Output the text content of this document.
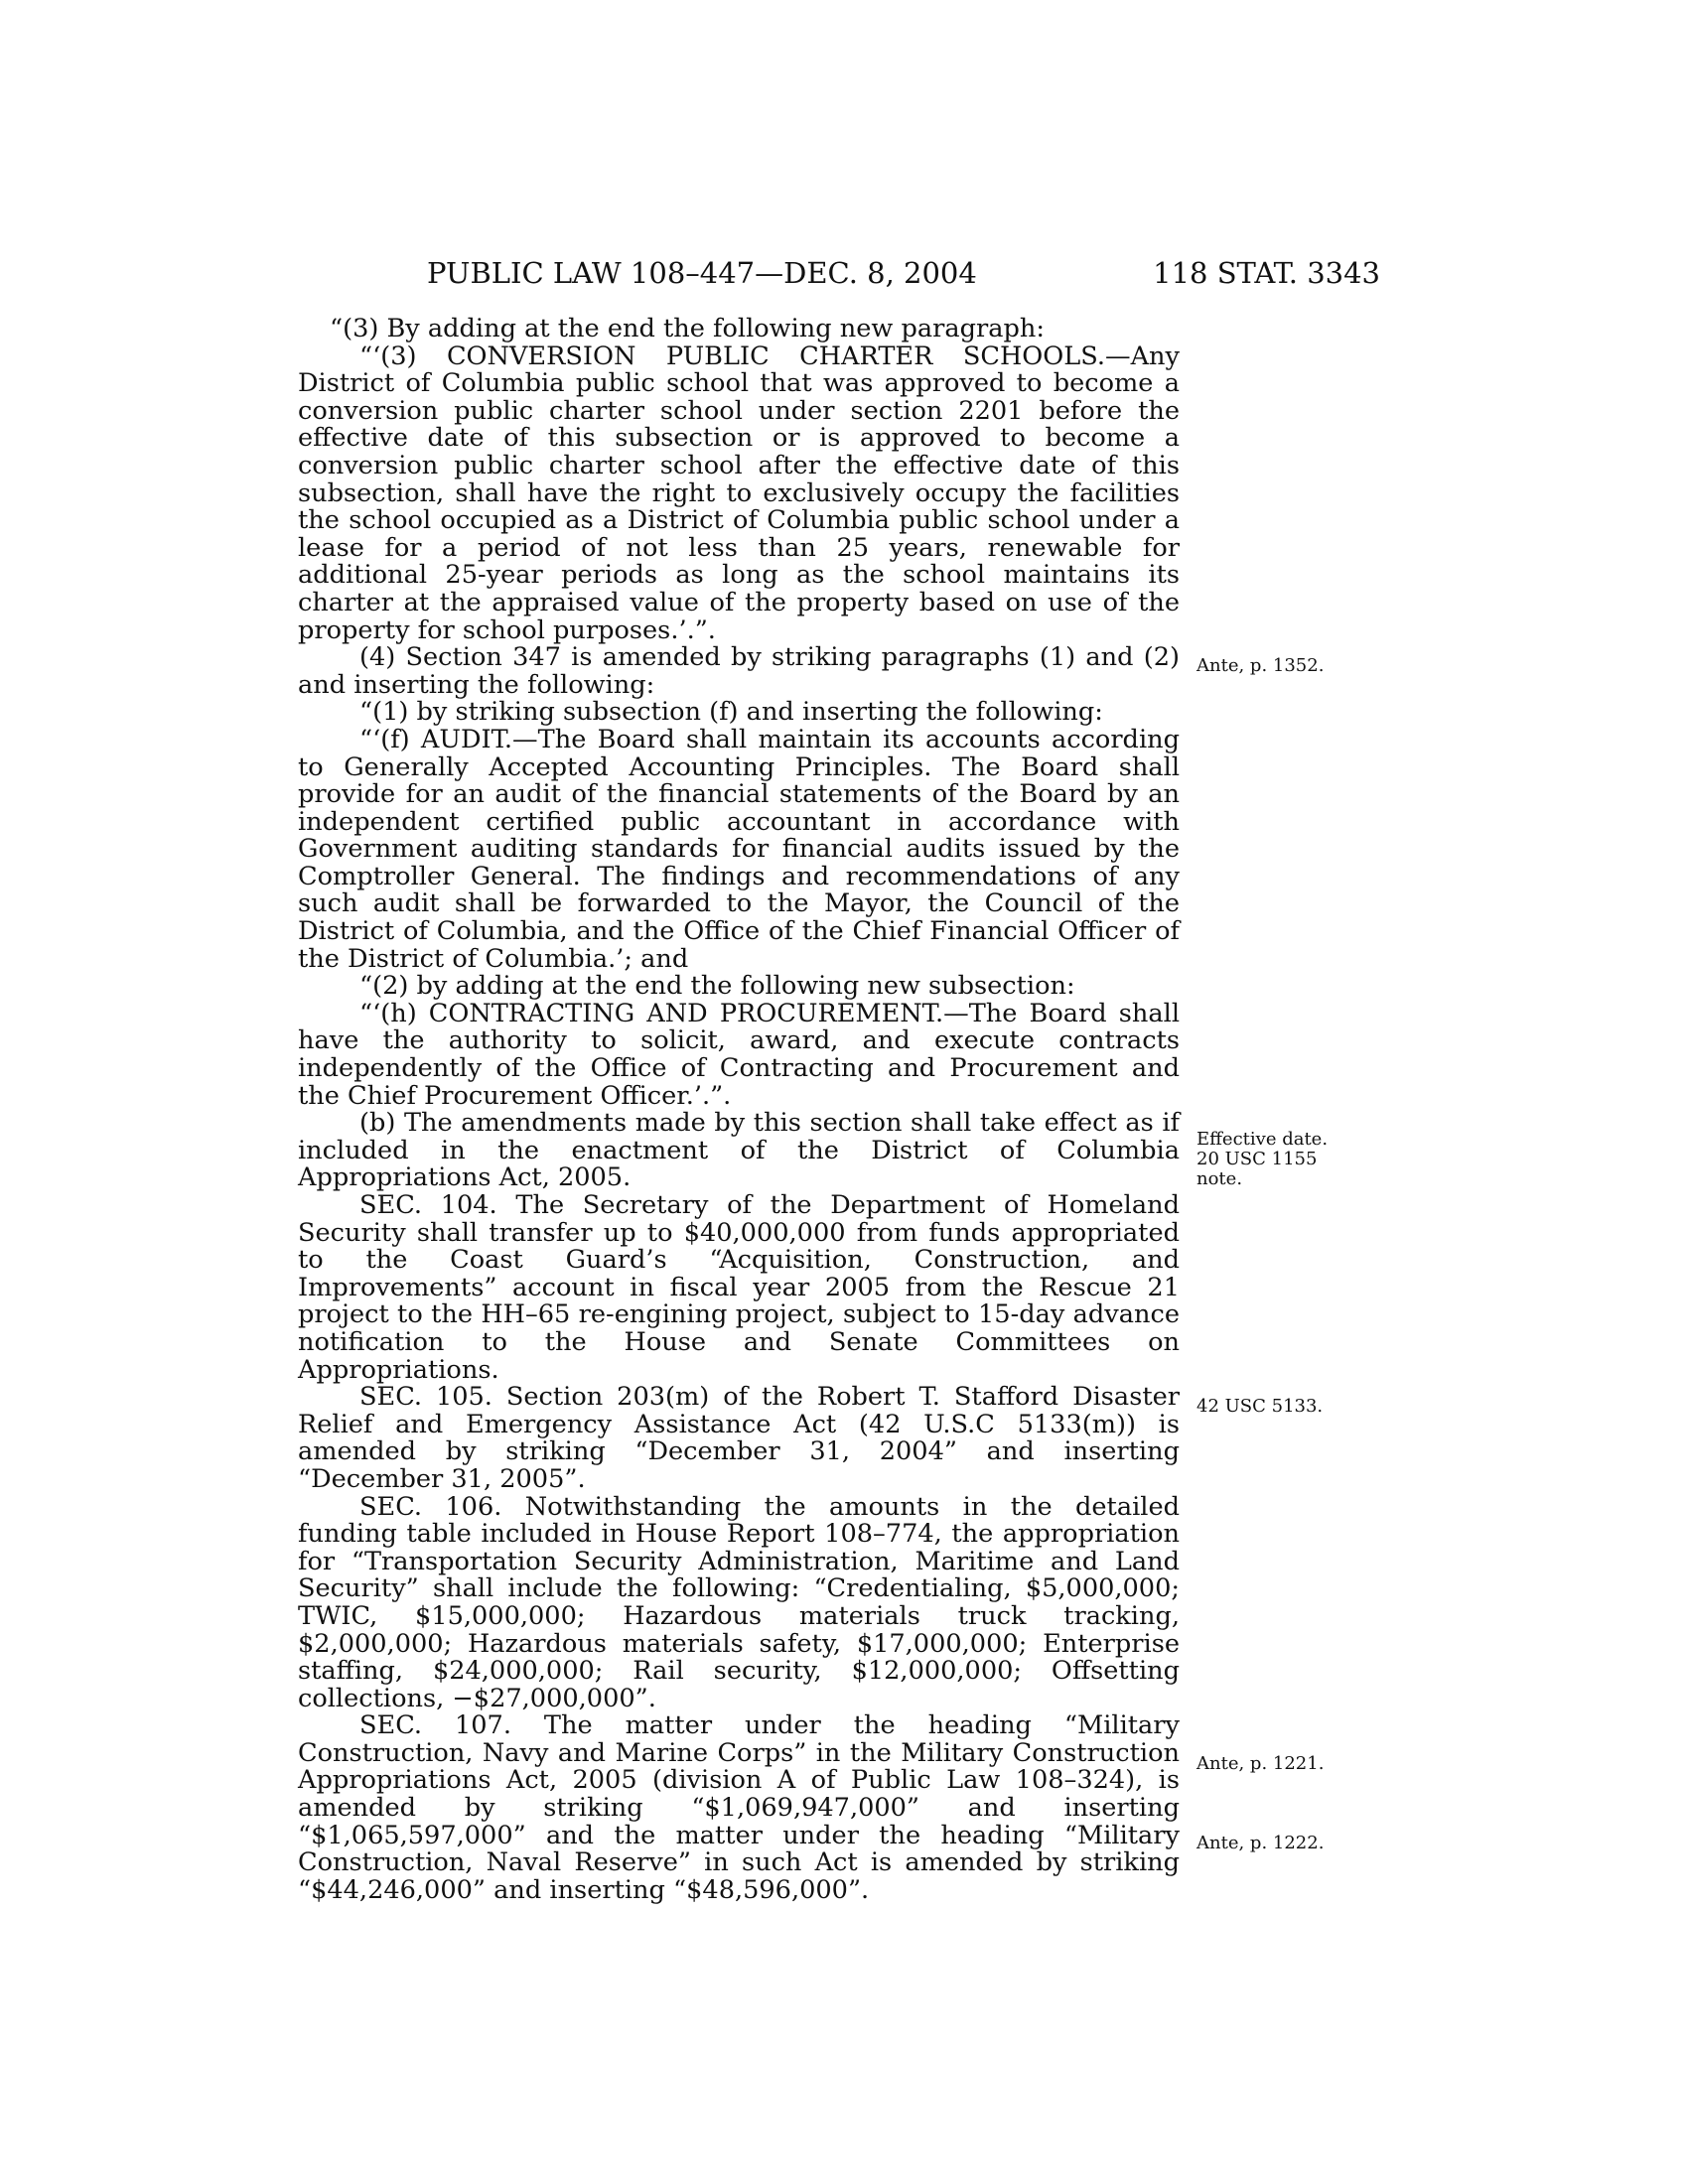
PUBLIC LAW 108–447—DEC. 8, 2004	118 STAT. 3343

“(3) By adding at the end the following new paragraph:

“‘(3) CONVERSION PUBLIC CHARTER SCHOOLS.—Any District of Columbia public school that was approved to become a conversion public charter school under section 2201 before the effective date of this subsection or is approved to become a conversion public charter school after the effective date of this subsection, shall have the right to exclusively occupy the facilities the school occupied as a District of Columbia public school under a lease for a period of not less than 25 years, renewable for additional 25-year periods as long as the school maintains its charter at the appraised value of the property based on use of the property for school purposes.’.”.

(4) Section 347 is amended by striking paragraphs (1) and (2) and inserting the following:

“(1) by striking subsection (f) and inserting the following:

“‘(f) AUDIT.—The Board shall maintain its accounts according to Generally Accepted Accounting Principles. The Board shall provide for an audit of the financial statements of the Board by an independent certified public accountant in accordance with Government auditing standards for financial audits issued by the Comptroller General. The findings and recommendations of any such audit shall be forwarded to the Mayor, the Council of the District of Columbia, and the Office of the Chief Financial Officer of the District of Columbia.’; and

“(2) by adding at the end the following new subsection:

“‘(h) CONTRACTING AND PROCUREMENT.—The Board shall have the authority to solicit, award, and execute contracts independently of the Office of Contracting and Procurement and the Chief Procurement Officer.’.”.

(b) The amendments made by this section shall take effect as if included in the enactment of the District of Columbia Appropriations Act, 2005.

SEC. 104. The Secretary of the Department of Homeland Security shall transfer up to $40,000,000 from funds appropriated to the Coast Guard’s “Acquisition, Construction, and Improvements” account in fiscal year 2005 from the Rescue 21 project to the HH–65 re-engining project, subject to 15-day advance notification to the House and Senate Committees on Appropriations.

SEC. 105. Section 203(m) of the Robert T. Stafford Disaster Relief and Emergency Assistance Act (42 U.S.C 5133(m)) is amended by striking “December 31, 2004” and inserting “December 31, 2005”.

SEC. 106. Notwithstanding the amounts in the detailed funding table included in House Report 108–774, the appropriation for “Transportation Security Administration, Maritime and Land Security” shall include the following: “Credentialing, $5,000,000; TWIC, $15,000,000; Hazardous materials truck tracking, $2,000,000; Hazardous materials safety, $17,000,000; Enterprise staffing, $24,000,000; Rail security, $12,000,000; Offsetting collections, −$27,000,000”.

SEC. 107. The matter under the heading “Military Construction, Navy and Marine Corps” in the Military Construction Appropriations Act, 2005 (division A of Public Law 108–324), is amended by striking “$1,069,947,000” and inserting “$1,065,597,000” and the matter under the heading “Military Construction, Naval Reserve” in such Act is amended by striking “$44,246,000” and inserting “$48,596,000”.

Ante, p. 1352.
Effective date.
20 USC 1155
note.
42 USC 5133.
Ante, p. 1221.
Ante, p. 1222.
